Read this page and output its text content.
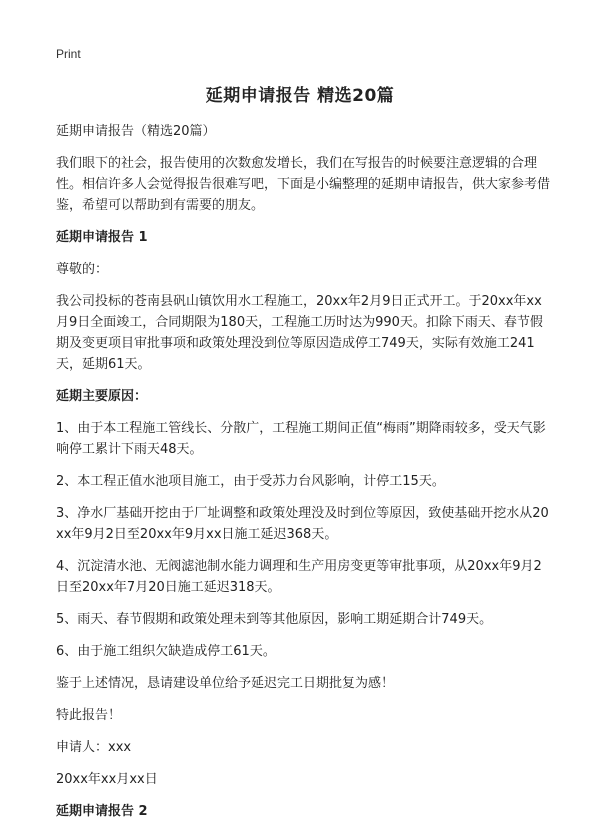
Print

延期申请报告 精选20篇

延期申请报告（精选20篇）

我们眼下的社会，报告使用的次数愈发增长，我们在写报告的时候要注意逻辑的合理性。相信许多人会觉得报告很难写吧，下面是小编整理的延期申请报告，供大家参考借鉴，希望可以帮助到有需要的朋友。

延期申请报告 1

尊敬的：

我公司投标的苍南县矾山镇饮用水工程施工，20xx年2月9日正式开工。于20xx年xx月9日全面竣工，合同期限为180天，工程施工历时达为990天。扣除下雨天、春节假期及变更项目审批事项和政策处理没到位等原因造成停工749天，实际有效施工241天，延期61天。

延期主要原因：

1、由于本工程施工管线长、分散广，工程施工期间正值“梅雨”期降雨较多，受天气影响停工累计下雨天48天。

2、本工程正值水池项目施工，由于受苏力台风影响，计停工15天。

3、净水厂基础开挖由于厂址调整和政策处理没及时到位等原因，致使基础开挖水从20xx年9月2日至20xx年9月xx日施工延迟368天。

4、沉淀清水池、无阀滤池制水能力调理和生产用房变更等审批事项，从20xx年9月2日至20xx年7月20日施工延迟318天。

5、雨天、春节假期和政策处理未到等其他原因，影响工期延期合计749天。

6、由于施工组织欠缺造成停工61天。

鉴于上述情况，恳请建设单位给予延迟完工日期批复为感！

特此报告！

申请人：xxx

20xx年xx月xx日

延期申请报告 2
